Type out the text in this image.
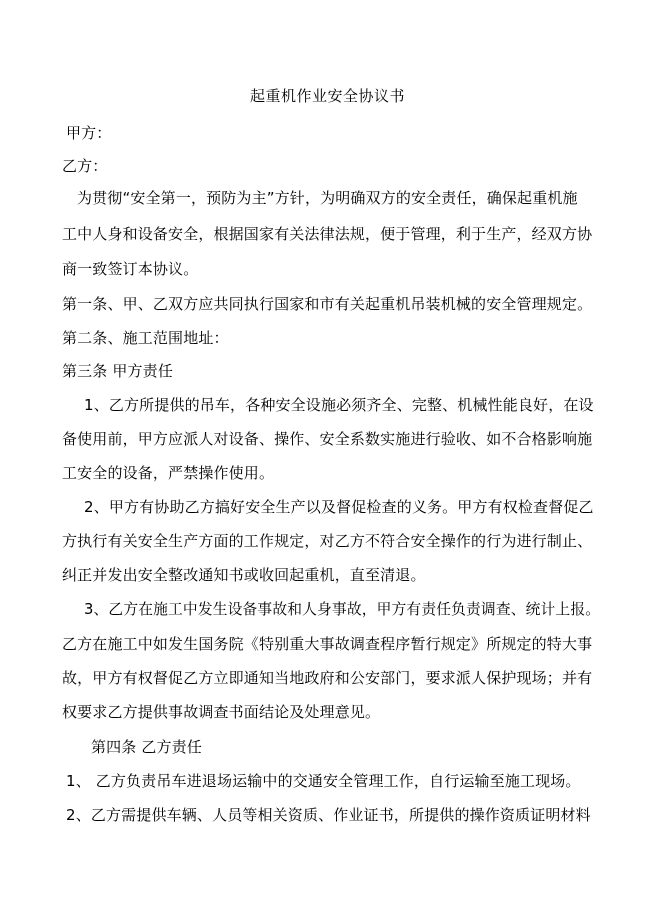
起重机作业安全协议书
甲方：
乙方：
为贯彻“安全第一，预防为主”方针，为明确双方的安全责任，确保起重机施
工中人身和设备安全，根据国家有关法律法规，便于管理，利于生产，经双方协
商一致签订本协议。
第一条、甲、乙双方应共同执行国家和市有关起重机吊装机械的安全管理规定。
第二条、施工范围地址：
第三条 甲方责任
1、乙方所提供的吊车，各种安全设施必须齐全、完整、机械性能良好，在设
备使用前，甲方应派人对设备、操作、安全系数实施进行验收、如不合格影响施
工安全的设备，严禁操作使用。
2、甲方有协助乙方搞好安全生产以及督促检查的义务。甲方有权检查督促乙
方执行有关安全生产方面的工作规定，对乙方不符合安全操作的行为进行制止、
纠正并发出安全整改通知书或收回起重机，直至清退。
3、乙方在施工中发生设备事故和人身事故，甲方有责任负责调查、统计上报。
乙方在施工中如发生国务院《特别重大事故调查程序暂行规定》所规定的特大事
故，甲方有权督促乙方立即通知当地政府和公安部门，要求派人保护现场；并有
权要求乙方提供事故调查书面结论及处理意见。
第四条 乙方责任
1、 乙方负责吊车进退场运输中的交通安全管理工作，自行运输至施工现场。
2、乙方需提供车辆、人员等相关资质、作业证书，所提供的操作资质证明材料
